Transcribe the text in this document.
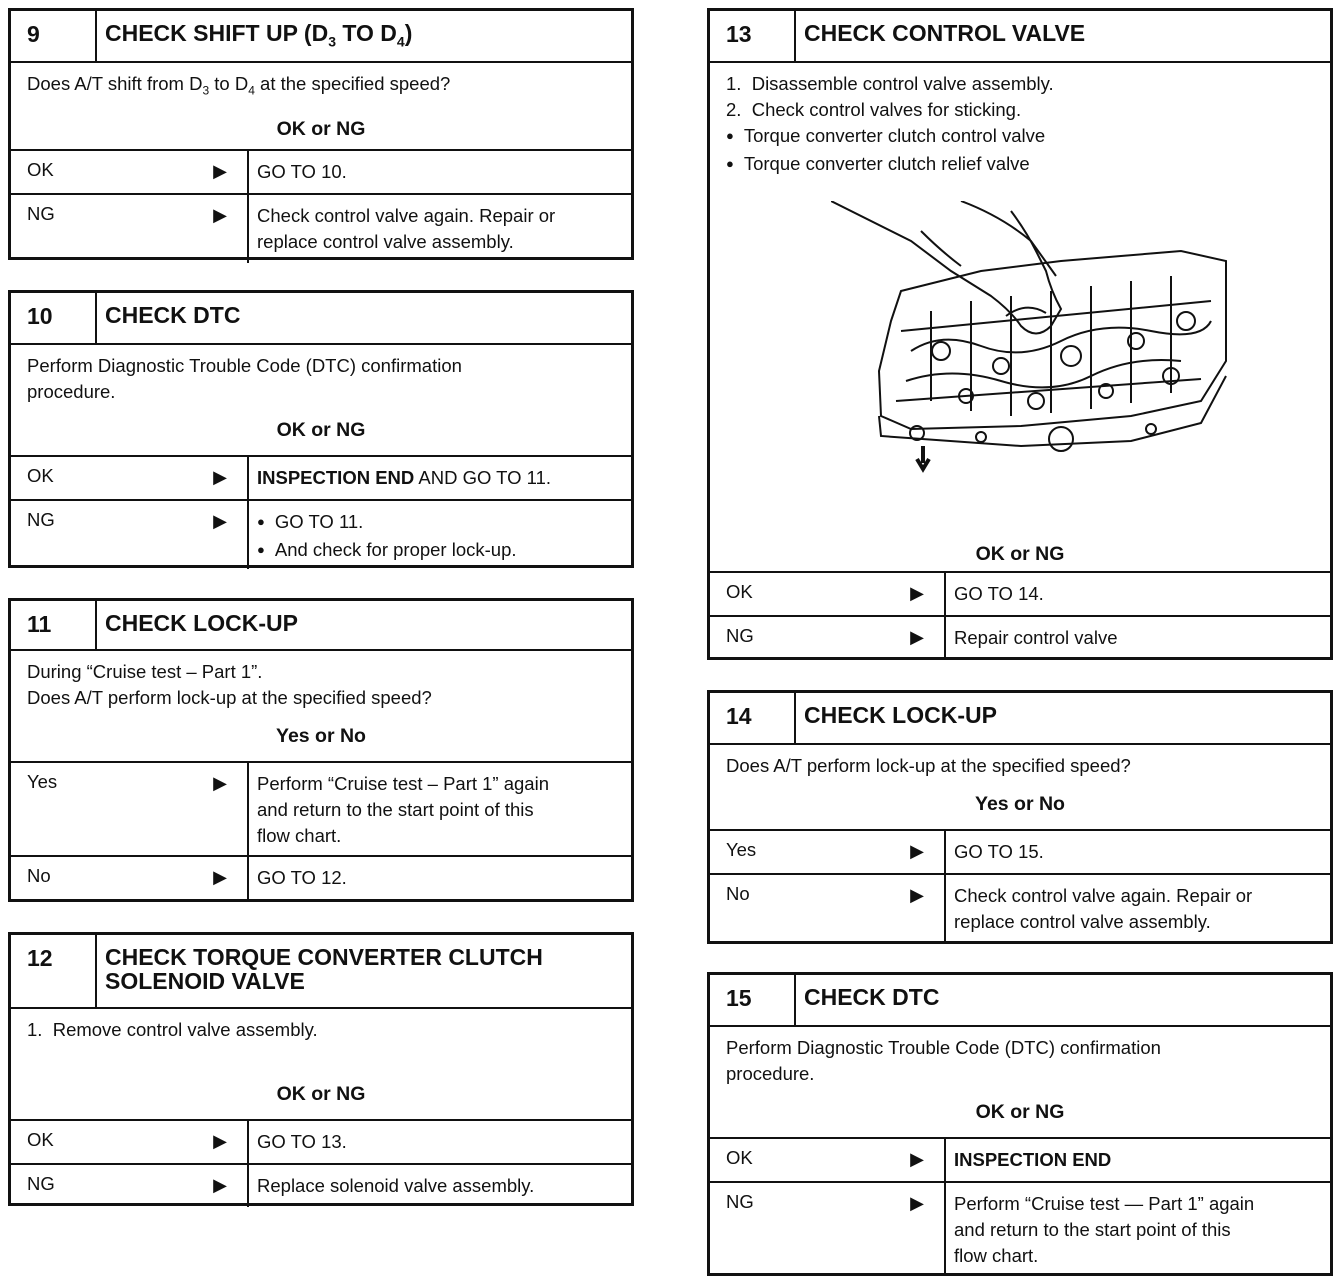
9	CHECK SHIFT UP ($D_3$ TO $D_4$)
Does A/T shift from $D_3$ to $D_4$ at the specified speed?
OK or NG
OK	▶	GO TO 10.
NG	▶ Check control valve again. Repair or
replace control valve assembly.
10	CHECK DTC
Perform Diagnostic Trouble Code (DTC) confirmation
procedure.
OK or NG
OK	▶	INSPECTION END AND GO TO 11.
NG	▶
●	GO TO 11.
● And check for proper lock-up.
11	CHECK LOCK-UP
During “Cruise test – Part 1”.
Does A/T perform lock-up at the specified speed?
Yes or No
Yes	▶ Perform “Cruise test – Part 1” again
and return to the start point of this
flow chart.
No	▶	GO TO 12.
12	CHECK TORQUE CONVERTER CLUTCH
SOLENOID VALVE
1.  Remove control valve assembly.
OK or NG
OK	▶	GO TO 13.
NG	▶	Replace solenoid valve assembly.
13	CHECK CONTROL VALVE
1.  Disassemble control valve assembly.
2.  Check control valves for sticking.
● Torque converter clutch control valve
● Torque converter clutch relief valve
OK or NG
OK	▶	GO TO 14.
NG	▶	Repair control valve
14	CHECK LOCK-UP
Does A/T perform lock-up at the specified speed?
Yes or No
Yes	▶	GO TO 15.
No	▶ Check control valve again. Repair or
replace control valve assembly.
15	CHECK DTC
Perform Diagnostic Trouble Code (DTC) confirmation
procedure.
OK or NG
OK	▶	INSPECTION END
NG	▶ Perform “Cruise test — Part 1” again
and return to the start point of this
flow chart.
